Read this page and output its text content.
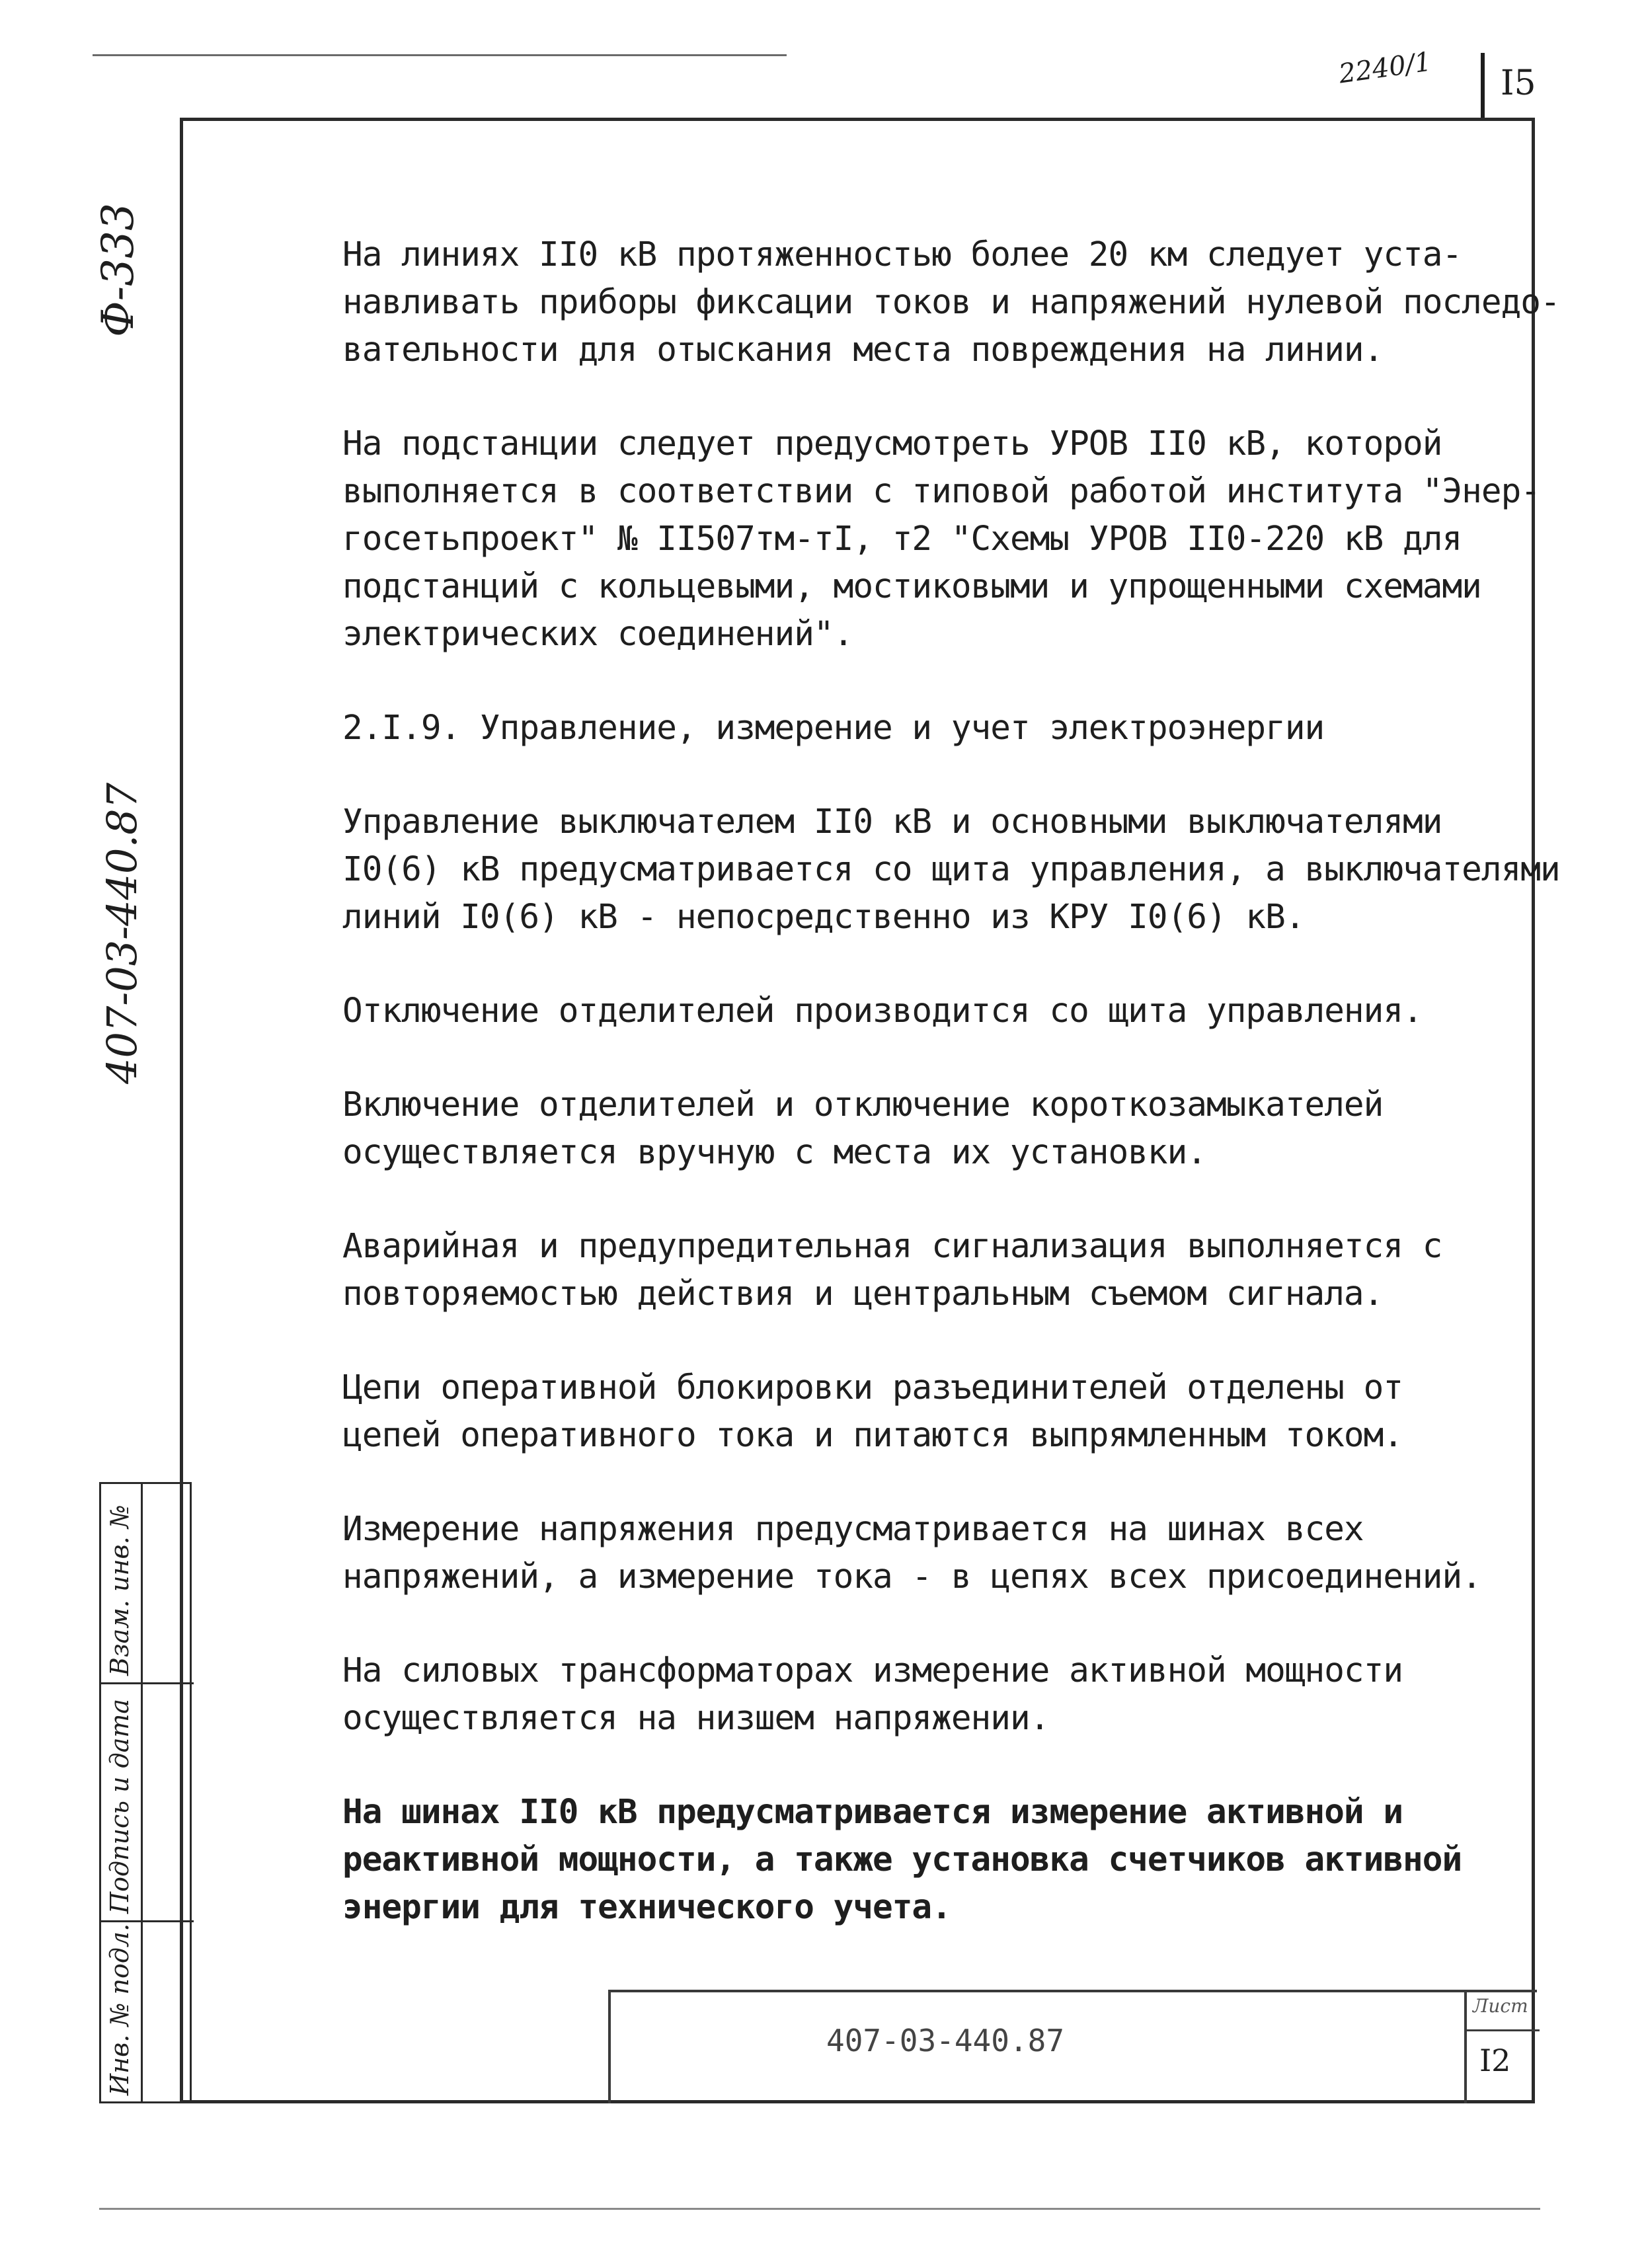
I5
2240/1
Ф-333
407-03-440.87
Взам. инв. №
Подпись и дата
Инв. № подл.

На линиях II0 кВ протяженностью более 20 км следует уста-
навливать приборы фиксации токов и напряжений нулевой последо-
вательности для отыскания места повреждения на линии.

На подстанции следует предусмотреть УРОВ II0 кВ, которой
выполняется в соответствии с типовой работой института "Энер-
госетьпроект" № II507тм-тI, т2 "Схемы УРОВ II0-220 кВ для
подстанций с кольцевыми, мостиковыми и упрощенными схемами
электрических соединений".

2.I.9. Управление, измерение и учет электроэнергии

Управление выключателем II0 кВ и основными выключателями
I0(6) кВ предусматривается со щита управления, а выключателями
линий I0(6) кВ - непосредственно из КРУ I0(6) кВ.

Отключение отделителей производится со щита управления.

Включение отделителей и отключение короткозамыкателей
осуществляется вручную с места их установки.

Аварийная и предупредительная сигнализация выполняется с
повторяемостью действия и центральным съемом сигнала.

Цепи оперативной блокировки разъединителей отделены от
цепей оперативного тока и питаются выпрямленным током.

Измерение напряжения предусматривается на шинах всех
напряжений, а измерение тока - в цепях всех присоединений.

На силовых трансформаторах измерение активной мощности
осуществляется на низшем напряжении.

На шинах II0 кВ предусматривается измерение активной и
реактивной мощности, а также установка счетчиков активной
энергии для технического учета.

407-03-440.87
Лист
I2
